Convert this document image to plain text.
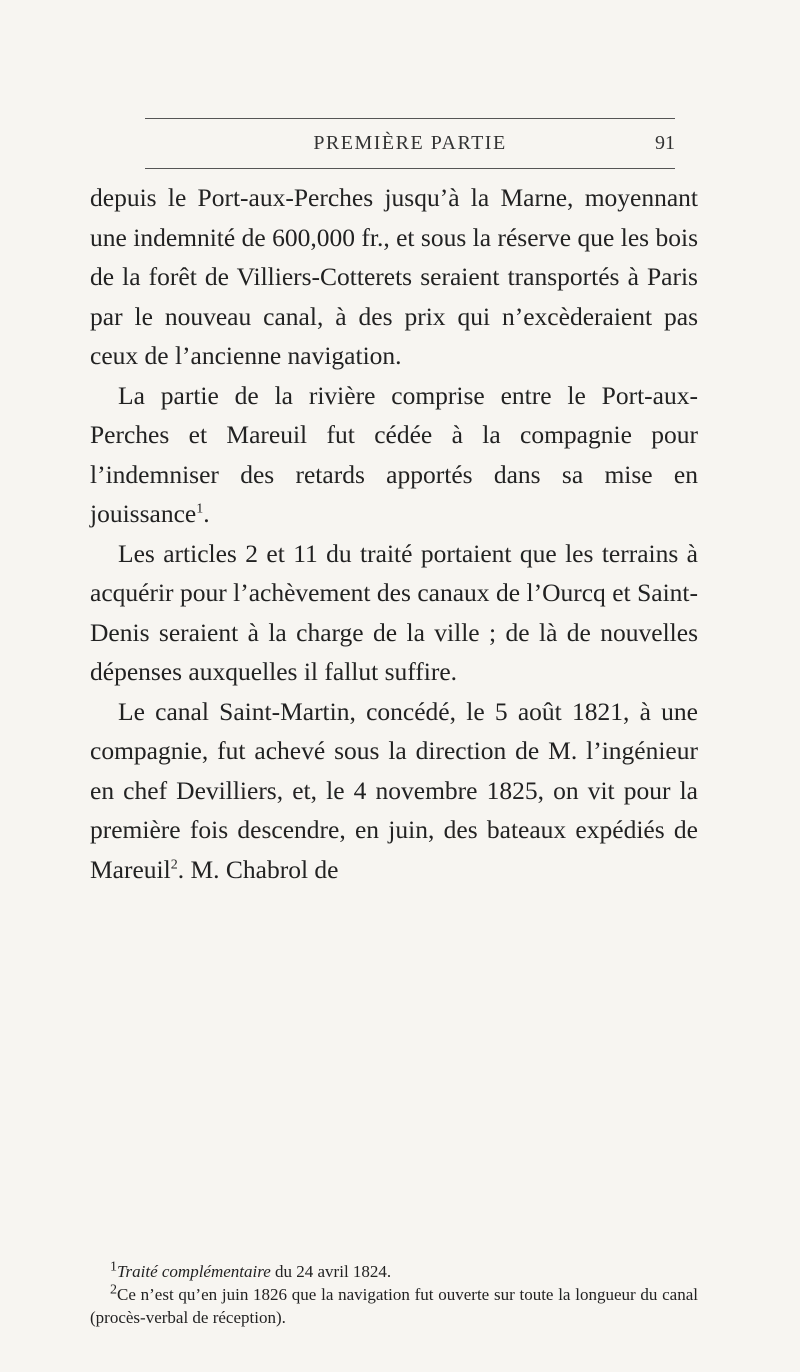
PREMIÈRE PARTIE	91

depuis le Port-aux-Perches jusqu’à la Marne, moyennant une indemnité de 600,000 fr., et sous la réserve que les bois de la forêt de Villiers-Cotterets seraient transportés à Paris par le nouveau canal, à des prix qui n’excèderaient pas ceux de l’ancienne navigation.

La partie de la rivière comprise entre le Port-aux-Perches et Mareuil fut cédée à la compagnie pour l’indemniser des retards apportés dans sa mise en jouissance$^1$.

Les articles 2 et 11 du traité portaient que les terrains à acquérir pour l’achèvement des canaux de l’Ourcq et Saint-Denis seraient à la charge de la ville ; de là de nouvelles dépenses auxquelles il fallut suffire.

Le canal Saint-Martin, concédé, le 5 août 1821, à une compagnie, fut achevé sous la direction de M. l’ingénieur en chef Devilliers, et, le 4 novembre 1825, on vit pour la première fois descendre, en juin, des bateaux expédiés de Mareuil$^2$. M. Chabrol de

$^1$Traité complémentaire du 24 avril 1824.

$^2$Ce n’est qu’en juin 1826 que la navigation fut ouverte sur toute la longueur du canal (procès-verbal de réception).
